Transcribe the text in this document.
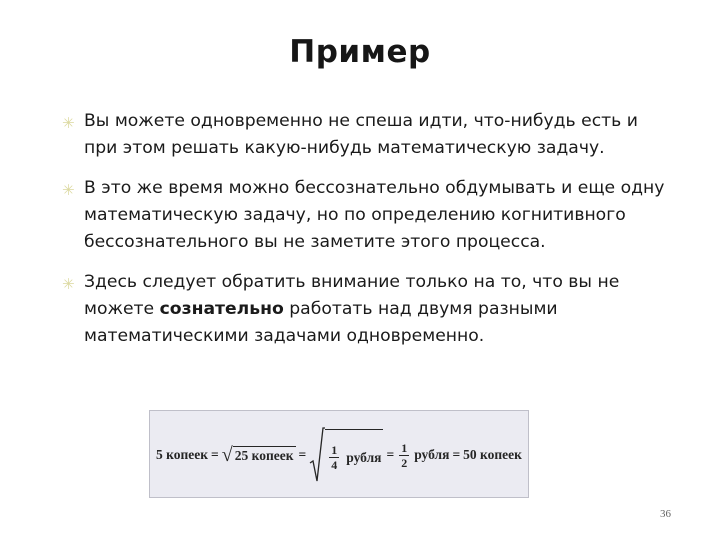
Пример
✳ Вы можете одновременно не спеша идти, что-нибудь есть и при этом решать какую-нибудь математическую задачу.
✳ В это же время можно бессознательно обдумывать и еще одну математическую задачу, но по определению когнитивного бессознательного вы не заметите этого процесса.
✳ Здесь следует обратить внимание только на то, что вы не можете сознательно работать над двумя разными математическими задачами одновременно.
5 копеек = √ 25 копеек = $\frac{1}{4}$ рубля = $\frac{1}{2}$ рубля = 50 копеек
36
